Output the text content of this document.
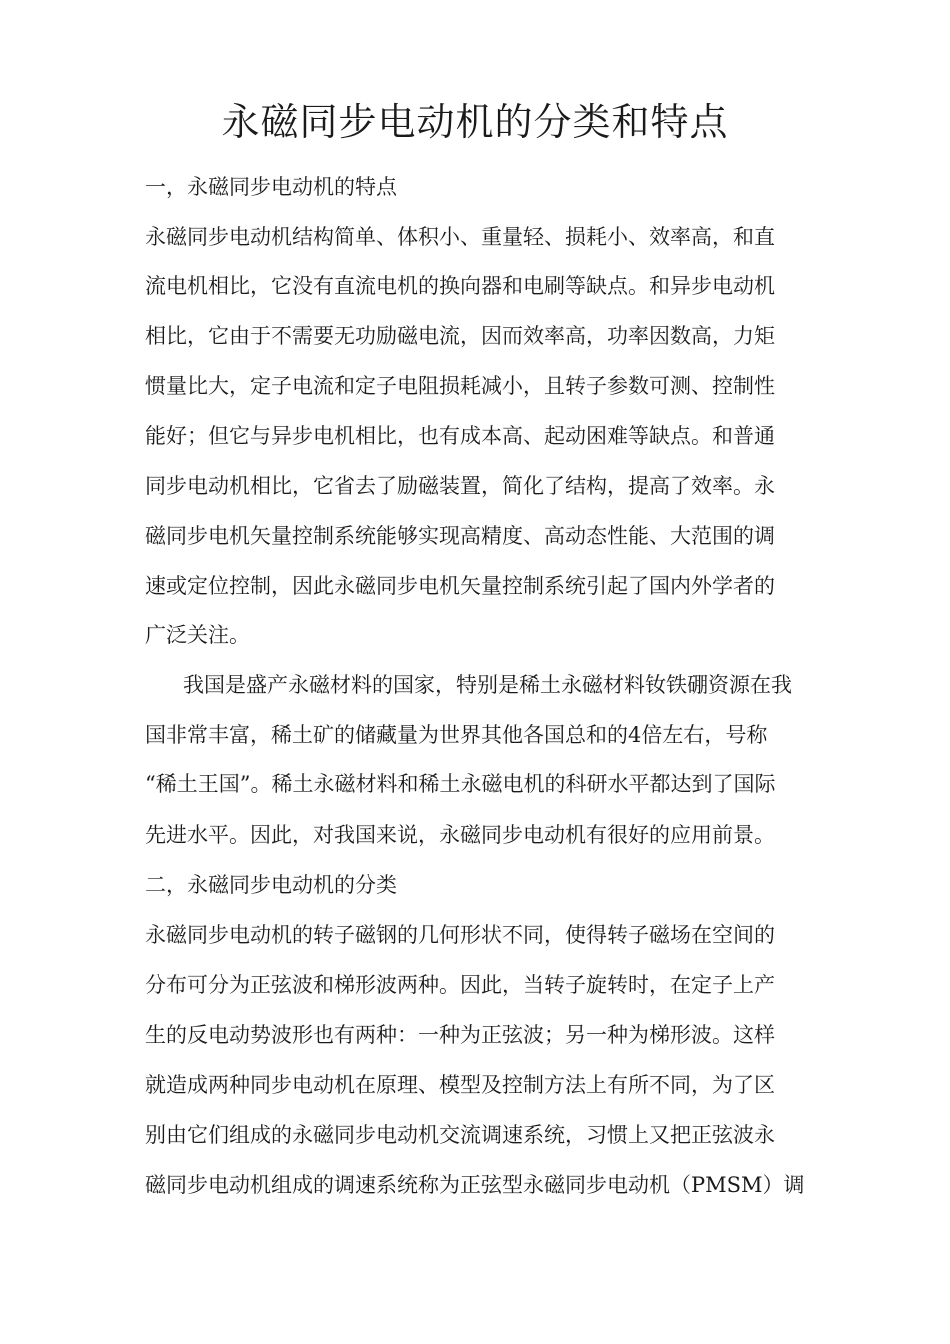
永磁同步电动机的分类和特点

一，永磁同步电动机的特点

永磁同步电动机结构简单、体积小、重量轻、损耗小、效率高，和直

流电机相比，它没有直流电机的换向器和电刷等缺点。和异步电动机

相比，它由于不需要无功励磁电流，因而效率高，功率因数高，力矩

惯量比大，定子电流和定子电阻损耗减小，且转子参数可测、控制性

能好；但它与异步电机相比，也有成本高、起动困难等缺点。和普通

同步电动机相比，它省去了励磁装置，简化了结构，提高了效率。永

磁同步电机矢量控制系统能够实现高精度、高动态性能、大范围的调

速或定位控制，因此永磁同步电机矢量控制系统引起了国内外学者的

广泛关注。

我国是盛产永磁材料的国家，特别是稀土永磁材料钕铁硼资源在我

国非常丰富，稀土矿的储藏量为世界其他各国总和的4倍左右，号称

“稀土王国”。稀土永磁材料和稀土永磁电机的科研水平都达到了国际

先进水平。因此，对我国来说，永磁同步电动机有很好的应用前景。

二，永磁同步电动机的分类

永磁同步电动机的转子磁钢的几何形状不同，使得转子磁场在空间的

分布可分为正弦波和梯形波两种。因此，当转子旋转时，在定子上产

生的反电动势波形也有两种：一种为正弦波；另一种为梯形波。这样

就造成两种同步电动机在原理、模型及控制方法上有所不同，为了区

别由它们组成的永磁同步电动机交流调速系统，习惯上又把正弦波永

磁同步电动机组成的调速系统称为正弦型永磁同步电动机（PMSM）调
